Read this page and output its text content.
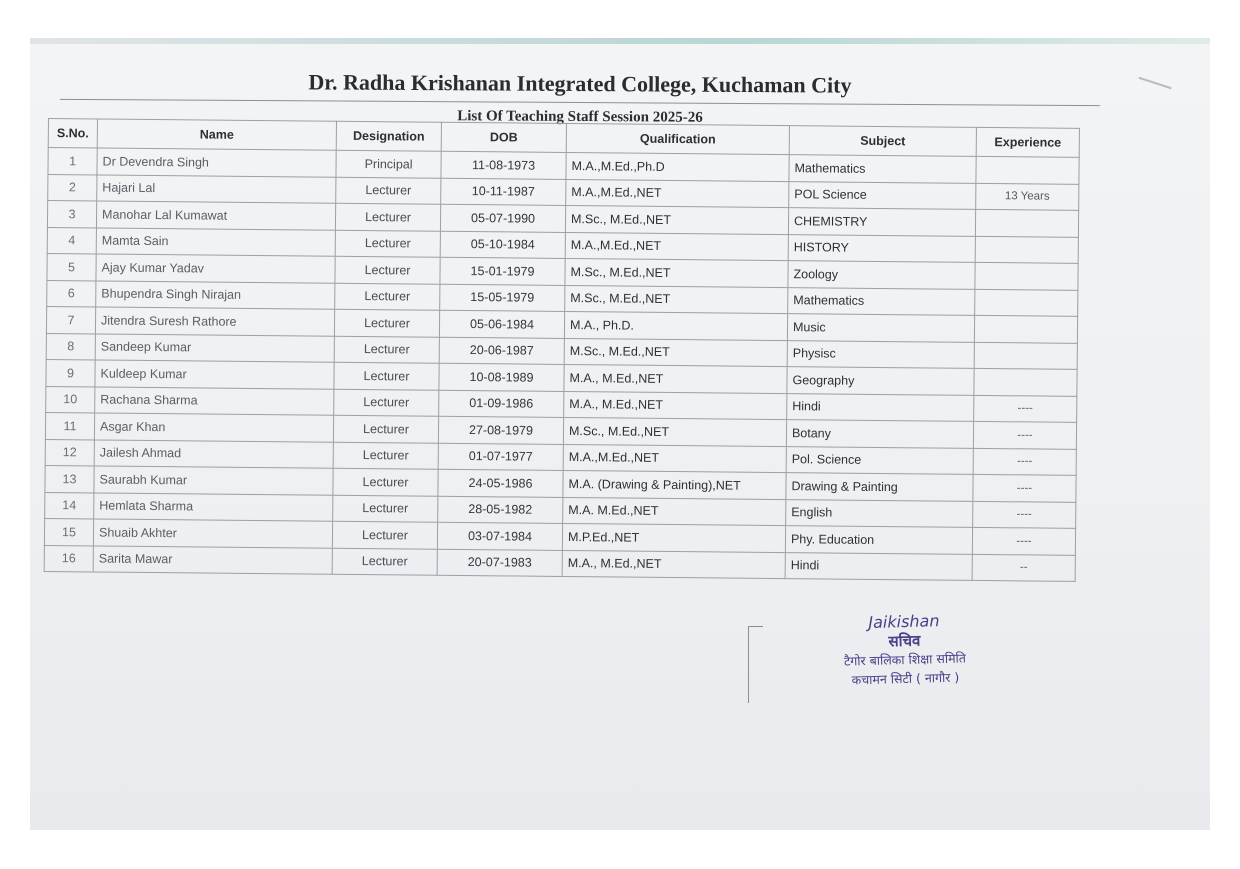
Dr. Radha Krishanan Integrated College, Kuchaman City
List Of Teaching Staff Session 2025-26
S.No.	Name	Designation	DOB	Qualification	Subject	Experience
1	Dr Devendra Singh	Principal	11-08-1973	M.A.,M.Ed.,Ph.D	Mathematics	
2	Hajari Lal	Lecturer	10-11-1987	M.A.,M.Ed.,NET	POL Science	13 Years
3	Manohar Lal Kumawat	Lecturer	05-07-1990	M.Sc., M.Ed.,NET	CHEMISTRY	
4	Mamta Sain	Lecturer	05-10-1984	M.A.,M.Ed.,NET	HISTORY	
5	Ajay Kumar Yadav	Lecturer	15-01-1979	M.Sc., M.Ed.,NET	Zoology	
6	Bhupendra Singh Nirajan	Lecturer	15-05-1979	M.Sc., M.Ed.,NET	Mathematics	
7	Jitendra Suresh Rathore	Lecturer	05-06-1984	M.A., Ph.D.	Music	
8	Sandeep Kumar	Lecturer	20-06-1987	M.Sc., M.Ed.,NET	Physisc	
9	Kuldeep Kumar	Lecturer	10-08-1989	M.A., M.Ed.,NET	Geography	
10	Rachana Sharma	Lecturer	01-09-1986	M.A., M.Ed.,NET	Hindi	----
11	Asgar Khan	Lecturer	27-08-1979	M.Sc., M.Ed.,NET	Botany	----
12	Jailesh Ahmad	Lecturer	01-07-1977	M.A.,M.Ed.,NET	Pol. Science	----
13	Saurabh Kumar	Lecturer	24-05-1986	M.A. (Drawing & Painting),NET	Drawing & Painting	----
14	Hemlata Sharma	Lecturer	28-05-1982	M.A. M.Ed.,NET	English	----
15	Shuaib Akhter	Lecturer	03-07-1984	M.P.Ed.,NET	Phy. Education	----
16	Sarita Mawar	Lecturer	20-07-1983	M.A., M.Ed.,NET	Hindi	--
Jaikishan
सचिव
टैगोर बालिका शिक्षा समिति
कचामन सिटी ( नागौर )
